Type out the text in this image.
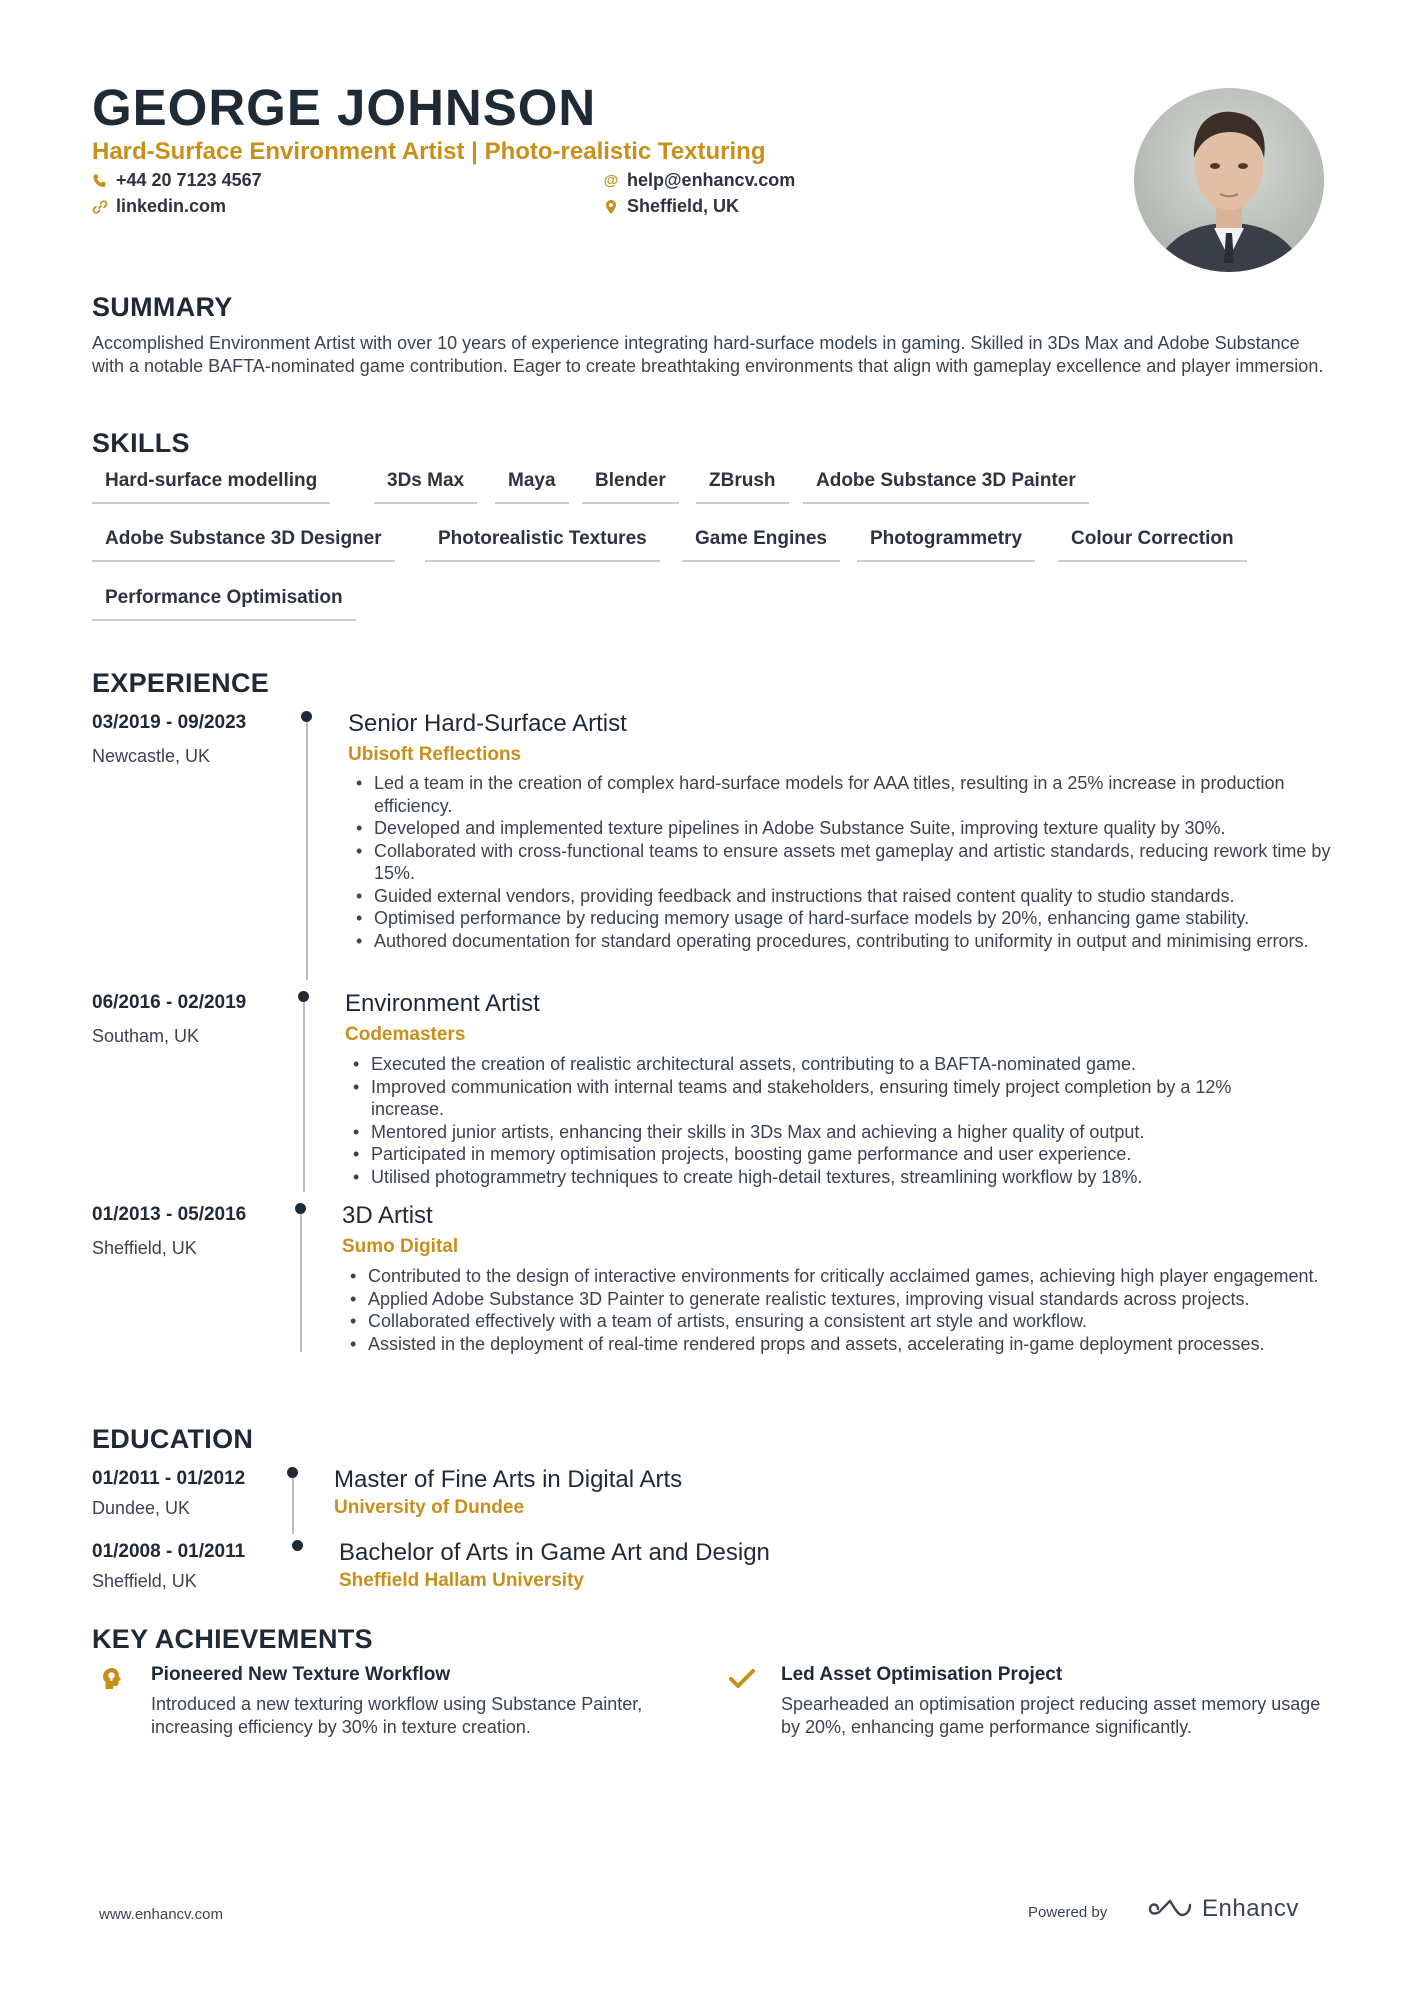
GEORGE JOHNSON
Hard-Surface Environment Artist | Photo-realistic Texturing
+44 20 7123 4567	@ help@enhancv.com
linkedin.com	Sheffield, UK
SUMMARY
Accomplished Environment Artist with over 10 years of experience integrating hard-surface models in gaming. Skilled in 3Ds Max and Adobe Substance with a notable BAFTA-nominated game contribution. Eager to create breathtaking environments that align with gameplay excellence and player immersion.
SKILLS
Hard-surface modelling	3Ds Max	Maya	Blender	ZBrush	Adobe Substance 3D Painter
Adobe Substance 3D Designer	Photorealistic Textures	Game Engines	Photogrammetry	Colour Correction
Performance Optimisation
EXPERIENCE
03/2019 - 09/2023
Newcastle, UK
Senior Hard-Surface Artist
Ubisoft Reflections
• Led a team in the creation of complex hard-surface models for AAA titles, resulting in a 25% increase in production efficiency.
• Developed and implemented texture pipelines in Adobe Substance Suite, improving texture quality by 30%.
• Collaborated with cross-functional teams to ensure assets met gameplay and artistic standards, reducing rework time by 15%.
• Guided external vendors, providing feedback and instructions that raised content quality to studio standards.
• Optimised performance by reducing memory usage of hard-surface models by 20%, enhancing game stability.
• Authored documentation for standard operating procedures, contributing to uniformity in output and minimising errors.
06/2016 - 02/2019
Southam, UK
Environment Artist
Codemasters
• Executed the creation of realistic architectural assets, contributing to a BAFTA-nominated game.
• Improved communication with internal teams and stakeholders, ensuring timely project completion by a 12% increase.
• Mentored junior artists, enhancing their skills in 3Ds Max and achieving a higher quality of output.
• Participated in memory optimisation projects, boosting game performance and user experience.
• Utilised photogrammetry techniques to create high-detail textures, streamlining workflow by 18%.
01/2013 - 05/2016
Sheffield, UK
3D Artist
Sumo Digital
• Contributed to the design of interactive environments for critically acclaimed games, achieving high player engagement.
• Applied Adobe Substance 3D Painter to generate realistic textures, improving visual standards across projects.
• Collaborated effectively with a team of artists, ensuring a consistent art style and workflow.
• Assisted in the deployment of real-time rendered props and assets, accelerating in-game deployment processes.
EDUCATION
01/2011 - 01/2012
Dundee, UK
Master of Fine Arts in Digital Arts
University of Dundee
01/2008 - 01/2011
Sheffield, UK
Bachelor of Arts in Game Art and Design
Sheffield Hallam University
KEY ACHIEVEMENTS
Pioneered New Texture Workflow
Introduced a new texturing workflow using Substance Painter, increasing efficiency by 30% in texture creation.
Led Asset Optimisation Project
Spearheaded an optimisation project reducing asset memory usage by 20%, enhancing game performance significantly.
www.enhancv.com	Powered by	Enhancv
